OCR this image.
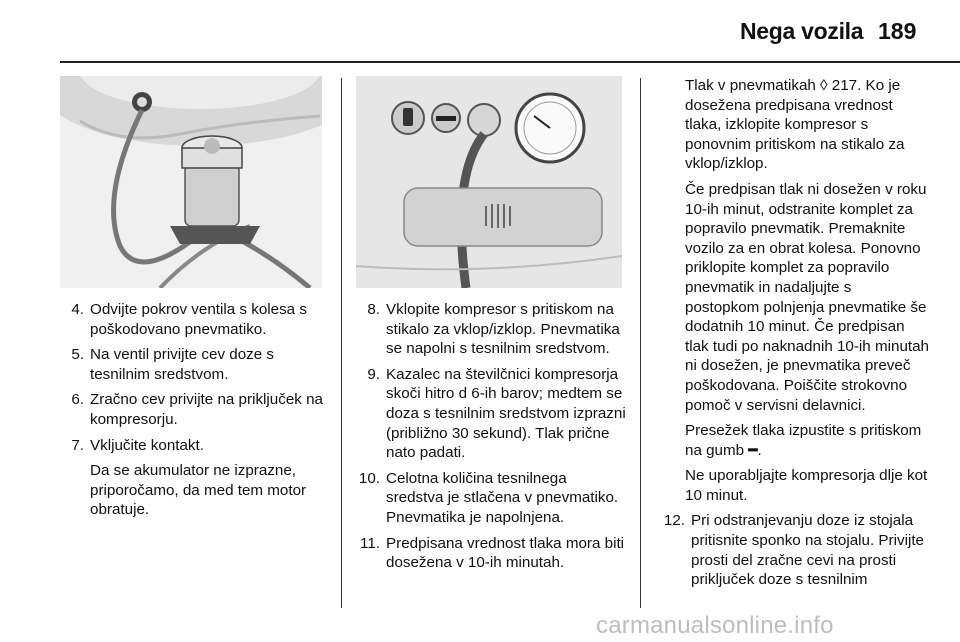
Nega vozila 189
4. Odvijte pokrov ventila s kolesa s poškodovano pnevmatiko.

5. Na ventil privijte cev doze s tesnilnim sredstvom.

6. Zračno cev privijte na priključek na kompresorju.

7. Vključite kontakt.

Da se akumulator ne izprazne, priporočamo, da med tem motor obratuje.

8. Vklopite kompresor s pritiskom na stikalo za vklop/izklop. Pnevmatika se napolni s tesnilnim sredstvom.

9. Kazalec na številčnici kompresorja skoči hitro d 6-ih barov; medtem se doza s tesnilnim sredstvom izprazni (približno 30 sekund). Tlak prične nato padati.

10. Celotna količina tesnilnega sredstva je stlačena v pnevmatiko. Pnevmatika je napolnjena.

11. Predpisana vrednost tlaka mora biti dosežena v 10-ih minutah.

Tlak v pnevmatikah ◊ 217. Ko je dosežena predpisana vrednost tlaka, izklopite kompresor s ponovnim pritiskom na stikalo za vklop/izklop.

Če predpisan tlak ni dosežen v roku 10-ih minut, odstranite komplet za popravilo pnevmatik. Premaknite vozilo za en obrat kolesa. Ponovno priklopite komplet za popravilo pnevmatik in nadaljujte s postopkom polnjenja pnevmatike še dodatnih 10 minut. Če predpisan tlak tudi po naknadnih 10-ih minutah ni dosežen, je pnevmatika preveč poškodovana. Poiščite strokovno pomoč v servisni delavnici.

Presežek tlaka izpustite s pritiskom na gumb ━.

Ne uporabljajte kompresorja dlje kot 10 minut.

12. Pri odstranjevanju doze iz stojala pritisnite sponko na stojalu. Privijte prosti del zračne cevi na prosti priključek doze s tesnilnim

carmanualsonline.info
